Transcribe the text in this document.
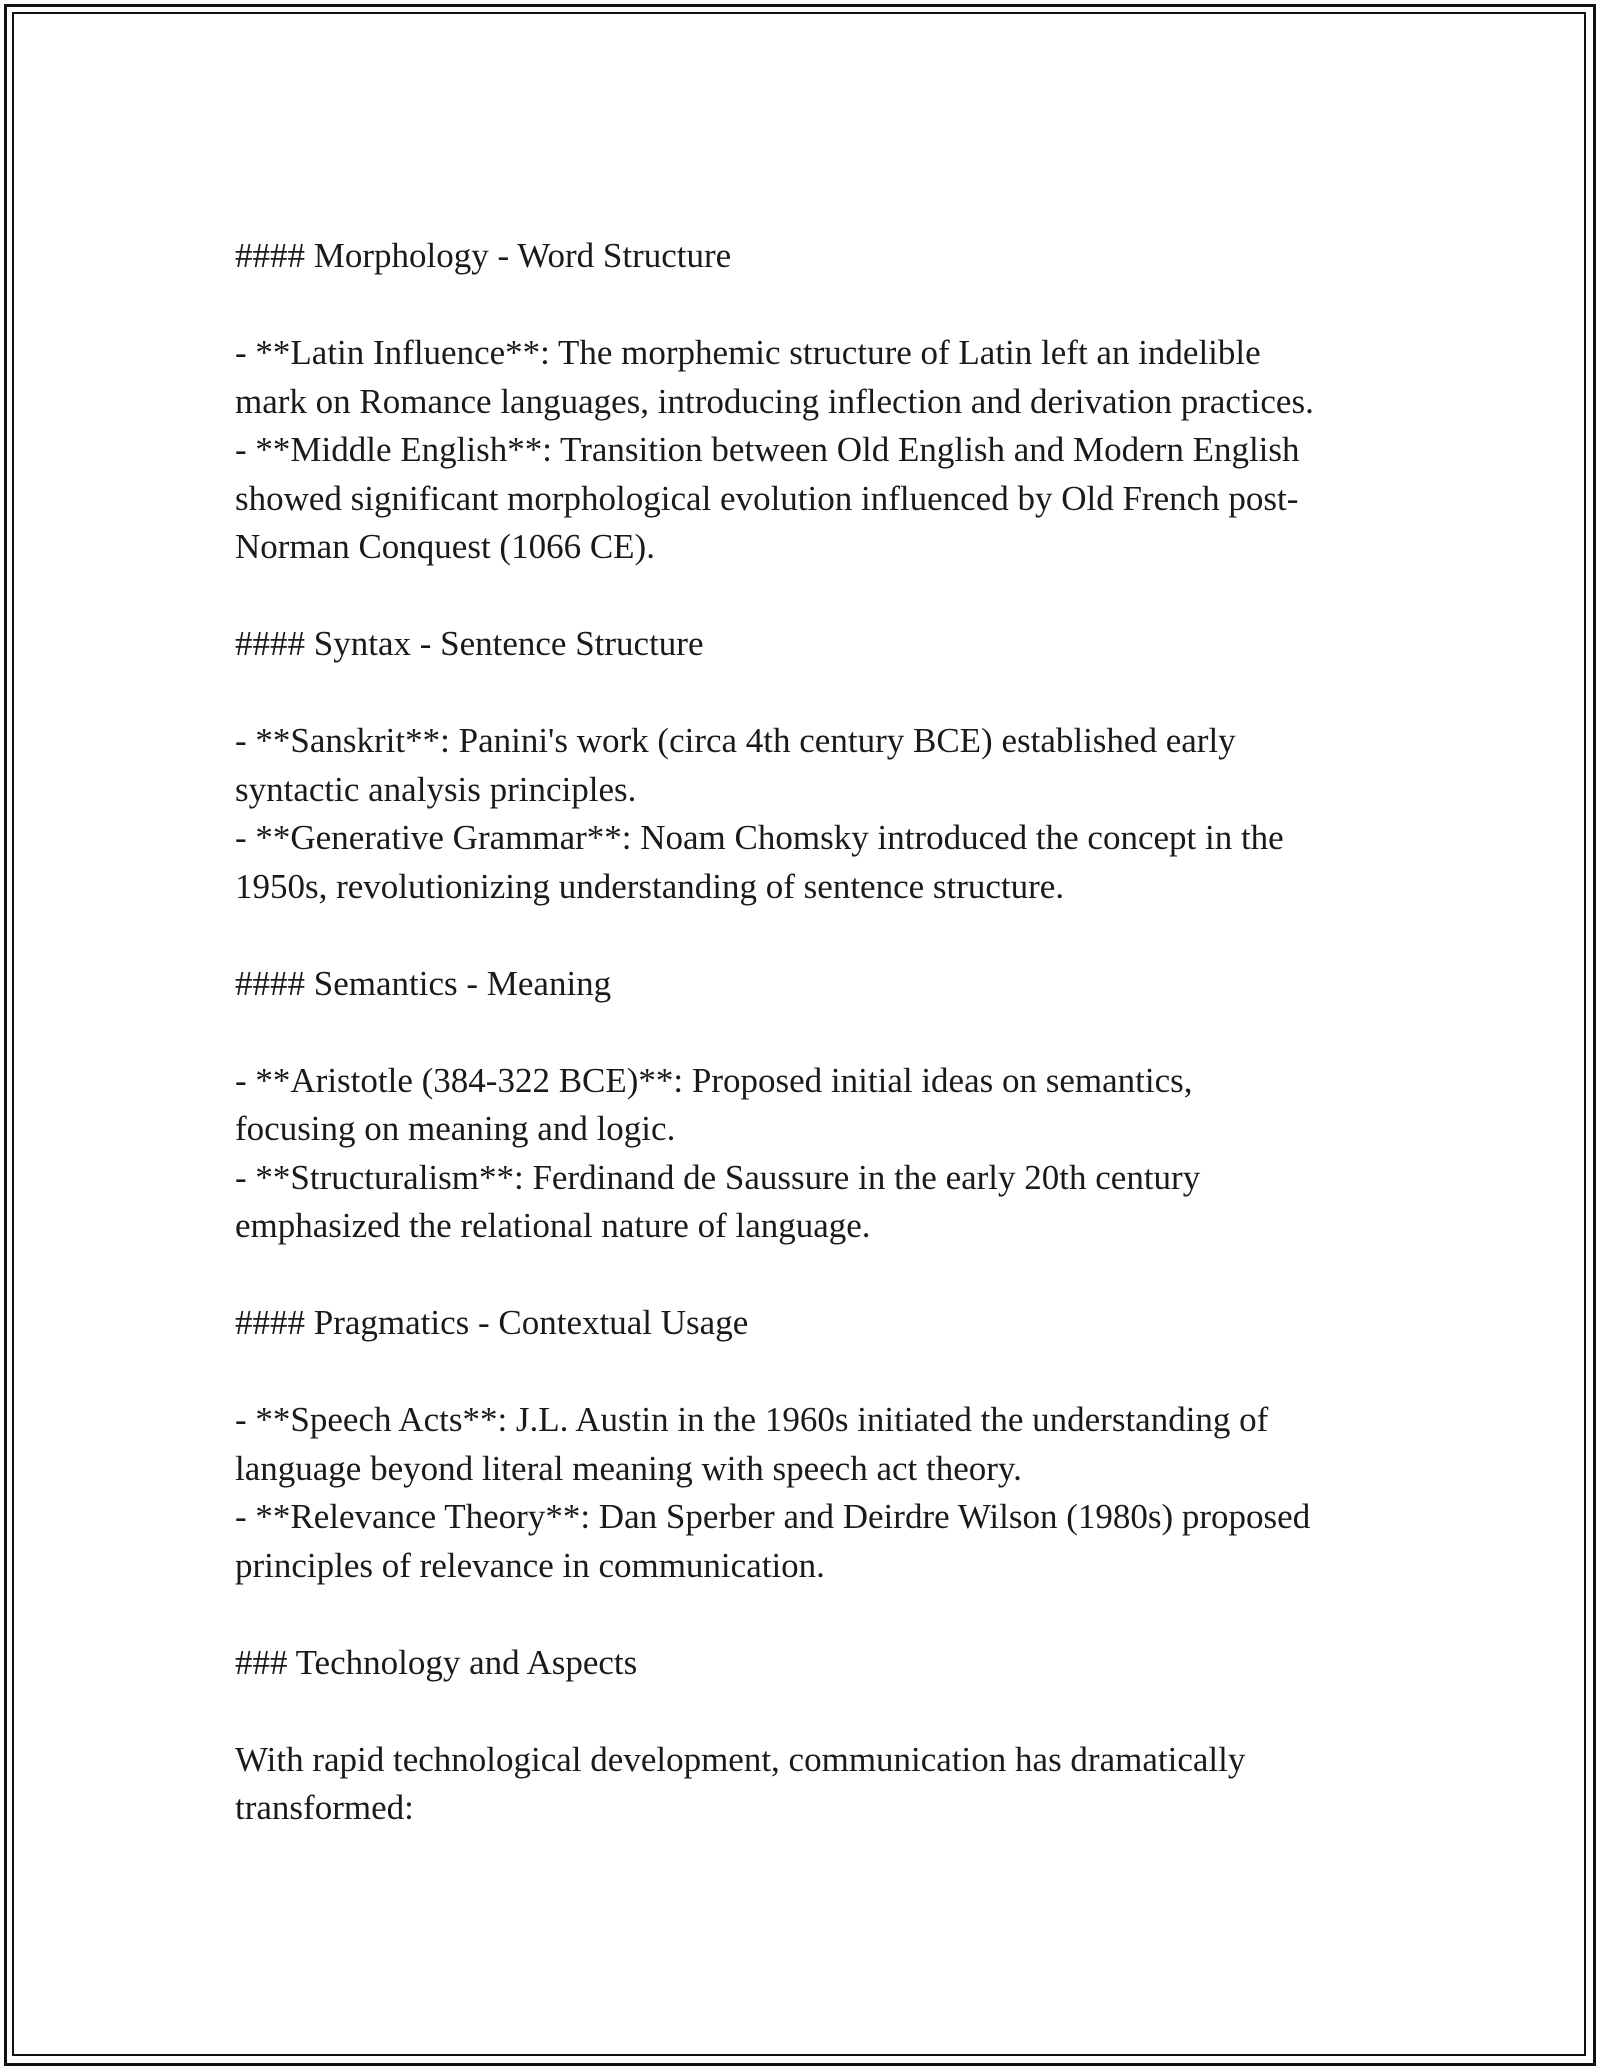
#### Morphology - Word Structure
- **Latin Influence**: The morphemic structure of Latin left an indelible
mark on Romance languages, introducing inflection and derivation practices.
- **Middle English**: Transition between Old English and Modern English
showed significant morphological evolution influenced by Old French post-
Norman Conquest (1066 CE).
#### Syntax - Sentence Structure
- **Sanskrit**: Panini's work (circa 4th century BCE) established early
syntactic analysis principles.
- **Generative Grammar**: Noam Chomsky introduced the concept in the
1950s, revolutionizing understanding of sentence structure.
#### Semantics - Meaning
- **Aristotle (384-322 BCE)**: Proposed initial ideas on semantics,
focusing on meaning and logic.
- **Structuralism**: Ferdinand de Saussure in the early 20th century
emphasized the relational nature of language.
#### Pragmatics - Contextual Usage
- **Speech Acts**: J.L. Austin in the 1960s initiated the understanding of
language beyond literal meaning with speech act theory.
- **Relevance Theory**: Dan Sperber and Deirdre Wilson (1980s) proposed
principles of relevance in communication.
### Technology and Aspects
With rapid technological development, communication has dramatically
transformed:
